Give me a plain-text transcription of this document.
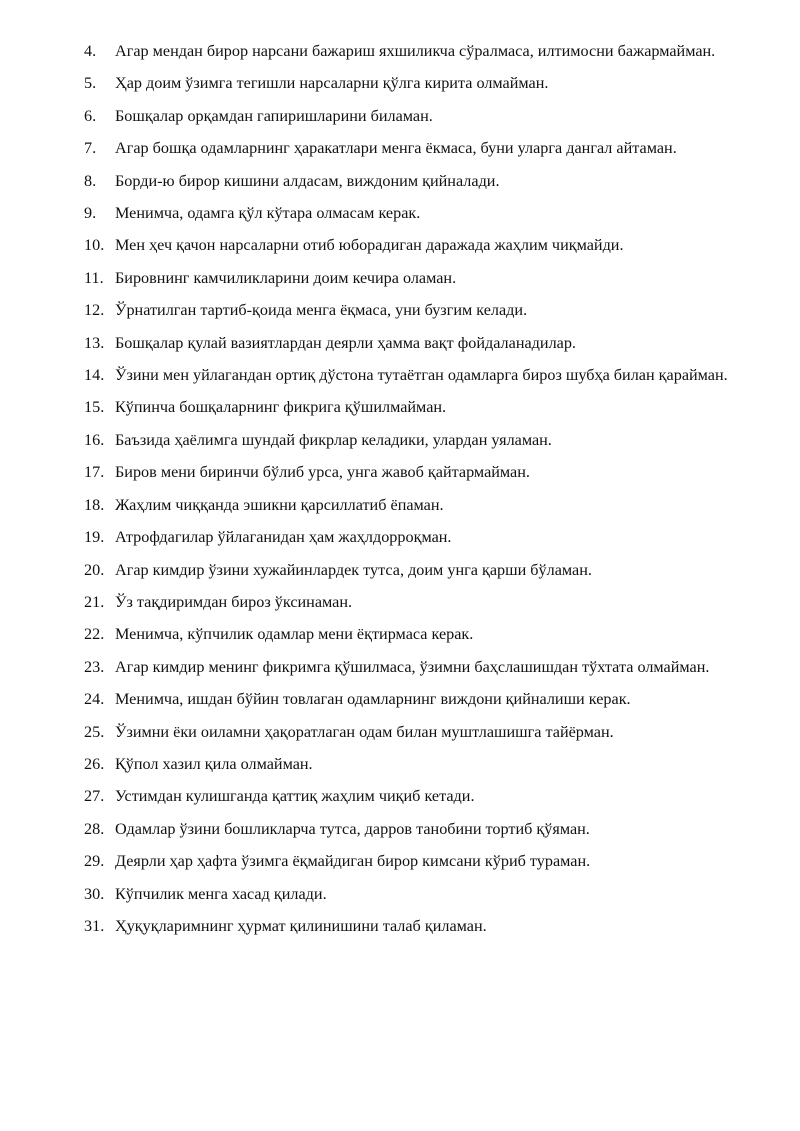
4. Агар мендан бирор нарсани бажариш яхшиликча сўралмаса, илтимосни бажармайман.
5. Ҳар доим ўзимга тегишли нарсаларни қўлга кирита олмайман.
6. Бошқалар орқамдан гапиришларини биламан.
7. Агар бошқа одамларнинг ҳаракатлари менга ёкмаса, буни уларга дангал айтаман.
8. Борди-ю бирор кишини алдасам, виждоним қийналади.
9. Менимча, одамга қўл кўтара олмасам керак.
10. Мен ҳеч қачон нарсаларни отиб юборадиган даражада жаҳлим чиқмайди.
11. Бировнинг камчиликларини доим кечира оламан.
12. Ўрнатилган тартиб-қоида менга ёқмаса, уни бузгим келади.
13. Бошқалар қулай вазиятлардан деярли ҳамма вақт фойдаланадилар.
14. Ўзини мен уйлагандан ортиқ дўстона тутаётган одамларга бироз шубҳа билан қарайман.
15. Кўпинча бошқаларнинг фикрига қўшилмайман.
16. Баъзида ҳаёлимга шундай фикрлар келадики, улардан уяламан.
17. Биров мени биринчи бўлиб урса, унга жавоб қайтармайман.
18. Жаҳлим чиққанда эшикни қарсиллатиб ёпаман.
19. Атрофдагилар ўйлаганидан ҳам жаҳлдорроқман.
20. Агар кимдир ўзини хужайинлардек тутса, доим унга қарши бўламан.
21. Ўз тақдиримдан бироз ўксинаман.
22. Менимча, кўпчилик одамлар мени ёқтирмаса керак.
23. Агар кимдир менинг фикримга қўшилмаса, ўзимни баҳслашишдан тўхтата олмайман.
24. Менимча, ишдан бўйин товлаган одамларнинг виждони қийналиши керак.
25. Ўзимни ёки оиламни ҳақоратлаган одам билан муштлашишга тайёрман.
26. Қўпол хазил қила олмайман.
27. Устимдан кулишганда қаттиқ жаҳлим чиқиб кетади.
28. Одамлар ўзини бошликларча тутса, дарров танобини тортиб қўяман.
29. Деярли ҳар ҳафта ўзимга ёқмайдиган бирор кимсани кўриб тураман.
30. Кўпчилик менга хасад қилади.
31. Ҳуқуқларимнинг ҳурмат қилинишини талаб қиламан.
